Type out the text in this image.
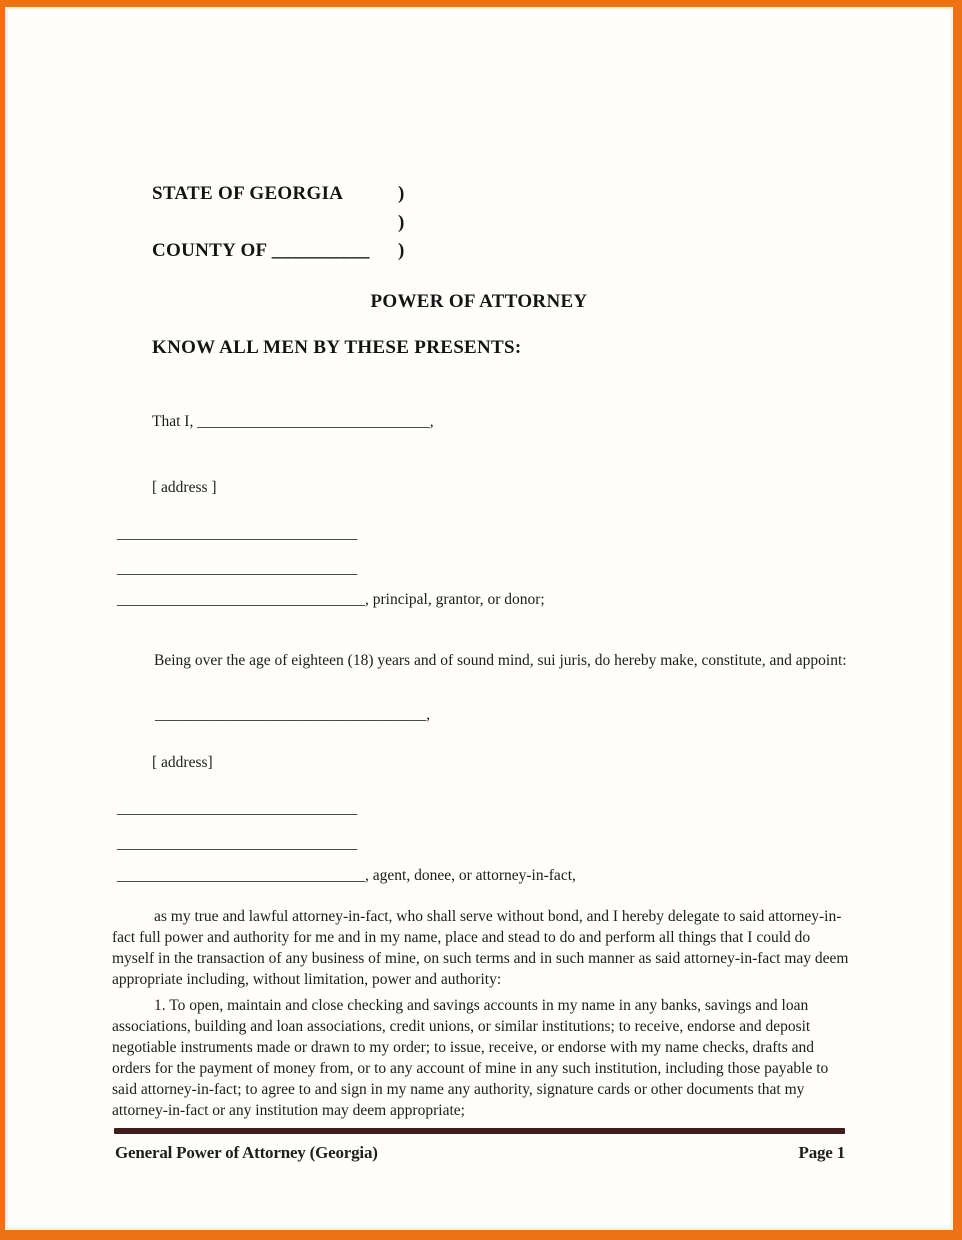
STATE OF GEORGIA	)
)
COUNTY OF __________ )
POWER OF ATTORNEY
KNOW ALL MEN BY THESE PRESENTS:
That I, ______________________________,
[ address ]
_______________________________
_______________________________
________________________________, principal, grantor, or donor;
Being over the age of eighteen (18) years and of sound mind, sui juris, do hereby make, constitute, and appoint:
___________________________________,
[ address]
_______________________________
_______________________________
________________________________, agent, donee, or attorney-in-fact,
as my true and lawful attorney-in-fact, who shall serve without bond, and I hereby delegate to said attorney-in-fact full power and authority for me and in my name, place and stead to do and perform all things that I could do myself in the transaction of any business of mine, on such terms and in such manner as said attorney-in-fact may deem appropriate including, without limitation, power and authority:
1. To open, maintain and close checking and savings accounts in my name in any banks, savings and loan associations, building and loan associations, credit unions, or similar institutions; to receive, endorse and deposit negotiable instruments made or drawn to my order; to issue, receive, or endorse with my name checks, drafts and orders for the payment of money from, or to any account of mine in any such institution, including those payable to said attorney-in-fact; to agree to and sign in my name any authority, signature cards or other documents that my attorney-in-fact or any institution may deem appropriate;
General Power of Attorney (Georgia)	Page 1
